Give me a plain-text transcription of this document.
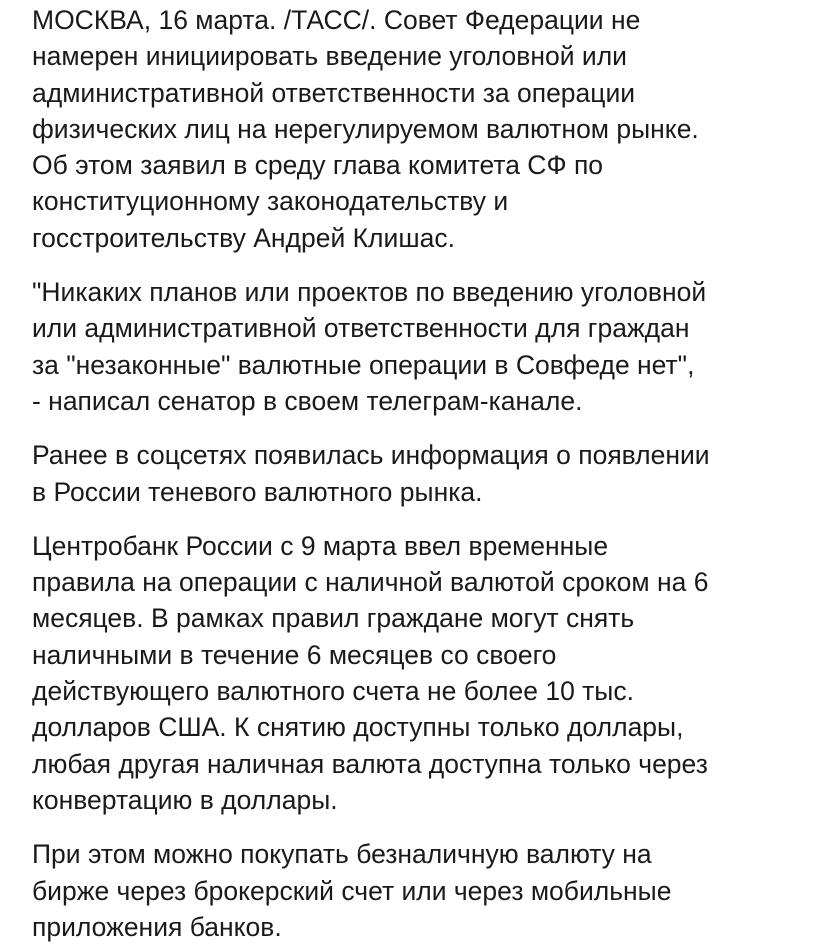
МОСКВА, 16 марта. /ТАСС/. Совет Федерации не
намерен инициировать введение уголовной или
административной ответственности за операции
физических лиц на нерегулируемом валютном рынке.
Об этом заявил в среду глава комитета СФ по
конституционному законодательству и
госстроительству Андрей Клишас.

"Никаких планов или проектов по введению уголовной
или административной ответственности для граждан
за "незаконные" валютные операции в Совфеде нет",
- написал сенатор в своем телеграм-канале.

Ранее в соцсетях появилась информация о появлении
в России теневого валютного рынка.

Центробанк России с 9 марта ввел временные
правила на операции с наличной валютой сроком на 6
месяцев. В рамках правил граждане могут снять
наличными в течение 6 месяцев со своего
действующего валютного счета не более 10 тыс.
долларов США. К снятию доступны только доллары,
любая другая наличная валюта доступна только через
конвертацию в доллары.

При этом можно покупать безналичную валюту на
бирже через брокерский счет или через мобильные
приложения банков.
